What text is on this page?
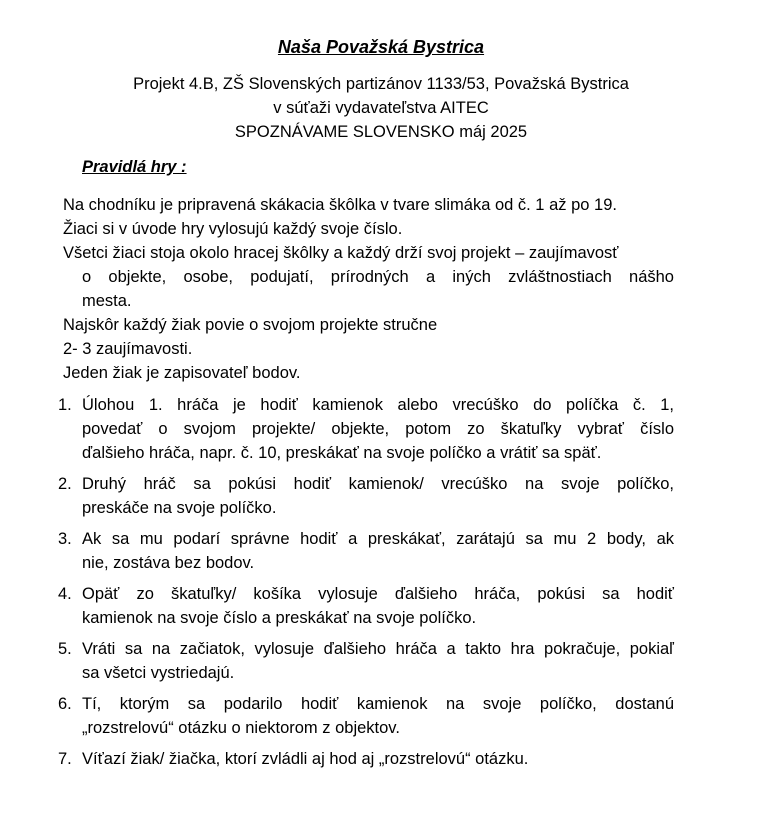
Naša Považská Bystrica
Projekt 4.B, ZŠ Slovenských partizánov 1133/53, Považská Bystrica
v súťaži vydavateľstva AITEC
SPOZNÁVAME SLOVENSKO máj 2025
Pravidlá hry :
Na chodníku je pripravená skákacia škôlka v tvare slimáka od č. 1 až po 19.
Žiaci si v úvode hry vylosujú každý svoje číslo.
Všetci žiaci stoja okolo hracej škôlky a každý drží svoj projekt – zaujímavosť
o objekte, osobe, podujatí, prírodných a iných zvláštnostiach nášho
mesta.
Najskôr každý žiak povie o svojom projekte stručne
2- 3 zaujímavosti.
Jeden žiak je zapisovateľ bodov.
1. Úlohou 1. hráča je hodiť kamienok alebo vrecúško do políčka č. 1,
povedať o svojom projekte/ objekte, potom zo škatuľky vybrať číslo
ďalšieho hráča, napr. č. 10, preskákať na svoje políčko a vrátiť sa späť.
2. Druhý hráč sa pokúsi hodiť kamienok/ vrecúško na svoje políčko,
preskáče na svoje políčko.
3. Ak sa mu podarí správne hodiť a preskákať, zarátajú sa mu 2 body, ak
nie, zostáva bez bodov.
4. Opäť zo škatuľky/ košíka vylosuje ďalšieho hráča, pokúsi sa hodiť
kamienok na svoje číslo a preskákať na svoje políčko.
5. Vráti sa na začiatok, vylosuje ďalšieho hráča a takto hra pokračuje, pokiaľ
sa všetci vystriedajú.
6. Tí, ktorým sa podarilo hodiť kamienok na svoje políčko, dostanú
„rozstrelovú“ otázku o niektorom z objektov.
7. Víťazí žiak/ žiačka, ktorí zvládli aj hod aj „rozstrelovú“ otázku.
